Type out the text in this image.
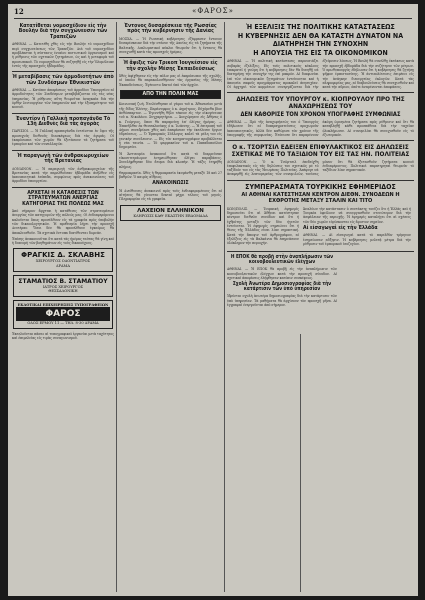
12	«ΦΑΡΟΣ»
Κατατίθεται νομοσχέδιον εἰς τὴν Βουλὴν διὰ τὴν συγχώνευσιν τῶν Τραπεζῶν
ΑΘΗΝΑΙ. — Κατετέθη χθὲς εἰς τὴν Βουλὴν τὸ νομοσχέδιον περὶ συγχωνεύσεως τῶν Τραπεζῶν. Διὰ τοῦ νομοσχεδίου προβλέπεται ἡ σύστασις ἑνιαίου πιστωτικοῦ ὀργανισμοῦ καὶ ἡ ρύθμισις τῶν σχετικῶν ζητημάτων, ὡς καὶ ἡ μεταφορὰ τοῦ προσωπικοῦ. Τὸ νομοσχέδιον θὰ συζητηθῇ εἰς τὴν Ὁλομέλειαν ἐντὸς τῆς προσεχοῦς ἑβδομάδος.
Ἡ μεταβίβασις τῶν ἀρμοδιοτήτων ἀπὸ τῶν Συνδέσμων Ἐθνικιστῶν
ΑΘΗΝΑΙ. — Κατόπιν ἀποφάσεως τοῦ ἁρμοδίου Ὑπουργείου αἱ ἁρμοδιότητες τῶν Συνδέσμων μεταβιβάζονται εἰς τὰς νέας ὑπηρεσίας. Ἡ ρύθμισις αὕτη θεωρεῖται ἀναγκαία διὰ τὴν ὀρθὴν λειτουργίαν τῶν ὑπηρεσιῶν καὶ τὴν ἐξυπηρέτησιν τοῦ κοινοῦ.
Ἐναντίον ἡ Γαλλικὴ προπαγάνδα Τὸ 13ὴ Διεθνὲς διὰ τὰς ἀγορὰς
ΠΑΡΙΣΙΟΙ. — Ἡ Γαλλικὴ προπαγάνδα ἐντείνεται ἐν ὄψει τῆς προσεχοῦς διεθνοῦς διασκέψεως διὰ τὰς ἀγοράς. Οἱ ἐκπρόσωποι τῶν χωρῶν θὰ ἐξετάσουν τὰ ζητήματα τοῦ ἐμπορίου καὶ τῶν συναλλαγῶν.
Ἡ παραγωγὴ τῶν ἀνθρακωρυχείων τῆς Βρετανίας
ΛΟΝΔΙΝΟΝ. — Ἡ παραγωγὴ τῶν ἀνθρακωρυχείων τῆς Βρετανίας κατὰ τὴν παρελθοῦσαν ἑβδομάδα ἀνῆλθεν εἰς ἱκανοποιητικὰ ἐπίπεδα, συμφώνως πρὸς ἀνακοινώσεις τοῦ ἁρμοδίου ὑπουργείου.
ΑΡΧΕΤΑΙ Η ΚΑΤΑΘΕΣΙΣ ΤΩΝ ΣΤΡΑΤΕΥΜΑΤΩΝ ΑΝΕΡΓΙΑΣ ΚΑΤΗΓΟΡΙΑΣ ΤΗΣ ΠΟΛΕΩΣ ΜΑΣ
Ἀπὸ σήμερον ἄρχεται ἡ κατάθεσις τῶν στρατευμάτων ἀνεργίας τῶν κατηγοριῶν τῆς πόλεώς μας. Οἱ ἐνδιαφερόμενοι καλοῦνται ὅπως προσέλθουν εἰς τὰ γραφεῖα πρὸς ὑποβολὴν τῶν δικαιολογητικῶν. Ἡ προθεσμία λήγει τὴν προσεχῆ Δευτέραν. Ὅσοι δὲν θὰ προσέλθουν ἐγκαίρως θὰ ἀποκλεισθοῦν. Τὰ σχετικὰ ἔντυπα διατίθενται δωρεάν.
Ἐπίσης ἀνακοινοῦται ὅτι κατὰ τὰς ἡμέρας ταύτας θὰ γίνῃ καὶ ἡ διανομὴ τῶν βοηθημάτων εἰς τοὺς δικαιούχους.
ΦΡΑΓΚΙΣ Δ. ΣΚΛΑΒΗΣ
ΧΕΙΡΟΥΡΓΟΣ ΟΔΟΝΤΙΑΤΡΟΣ
ΔΡΑΜΑ
ΣΤΑΜΑΤΙΟΣ Β. ΣΤΑΜΑΤΙΟΥ
ΙΑΤΡΟΣ ΧΕΙΡΟΥΡΓΟΣ
ΘΕΣΣΑΛΟΝΙΚΗ
ΕΚΔΟΤΙΚΑΙ ΕΠΙΧΕΙΡΗΣΕΙΣ ΤΥΠΟΓΡΑΦΕΙΩΝ
ΦΑΡΟΣ
ΟΔΟΣ ΕΡΜΟΥ 11 — ΤΗΛ. 8-30 ΔΡΑΜΑ
Ἐκτελοῦνται πᾶσαι αἱ τυπογραφικαὶ ἐργασίαι μετὰ ταχύτητος καὶ ἐπιμελείας εἰς τιμὰς συναγωνισμοῦ.
Ἐντονος δυσαρέσκεια τῆς Ρωσσίας πρὸς τὴν κυβέρνησιν τῆς Δανίας
ΜΟΣΧΑ. — Ἡ Ρωσσικὴ κυβέρνησις ἐξέφρασεν ἔντονον δυσαρέσκειαν διὰ τὴν στάσιν τῆς Δανίας εἰς τὰ ζητήματα τῆς Βαλτικῆς. Διπλωματικοὶ κύκλοι θεωροῦν ὅτι ἡ ἔντασις θὰ συνεχισθῇ κατὰ τὰς προσεχεῖς ἡμέρας.
Ἡ ἄφιξις τῶν Τρικοπ Ἰουγκέσιον εἰς τὴν σχολὴν Μέσης Ἐκπαιδεύσεως
Χθὲς ἀφίχθησαν εἰς τὴν πόλιν μας οἱ ἐκπρόσωποι τῆς σχολῆς, οἱ ὁποῖοι θὰ παρακολουθήσουν τὰς ἐργασίας τῆς Μέσης Ἐκπαιδεύσεως. Ἐγένοντο δεκτοὶ ὑπὸ τῶν ἀρχῶν.
ΑΠΟ ΤΗΝ ΠΟΛΙΝ ΜΑΣ
Κοινωνικὴ ζωή. Ἐτελέσθησαν οἱ γάμοι τοῦ κ. Ἀθανασίου μετὰ τῆς δίδος Ἑλένης. Παράνυμφος ὁ κ. Δημήτριος. Εὐχόμεθα βίον ἀνθόσπαρτον. — Ἐγεννήθη θῆλυ τέκνον εἰς τὴν οἰκογένειαν τοῦ κ. Νικολάου. Συγχαρητήρια. — Ἀνεχώρησεν εἰς Ἀθήνας ὁ κ. Γεώργιος, ὅπου θὰ παραμείνῃ ἐπ' ὀλίγας ἡμέρας. — Ἐπανῆλθεν ἐκ Θεσσαλονίκης ὁ κ. Ἰωάννης. — Ἡ ἐπιτροπὴ τοῦ Δήμου συνεδρίασε χθὲς καὶ ἀπεφάσισε τὴν ἐκτέλεσιν ἔργων ὑδρεύσεως. — Ὁ Ἐμπορικὸς Σύλλογος καλεῖ τὰ μέλη του εἰς γενικὴν συνέλευσιν. — Εἰς τὸν κινηματογράφον προβάλλεται ἡ νέα ταινία. — Τὸ φαρμακεῖον τοῦ κ. Παπαδοπούλου διημερεύει.
Ἡ Ἀστυνομία ἀνακοινοῖ ὅτι κατὰ τὸ διαρρεῦσαν εἰκοσιτετράωρον ἐσημειώθησαν ὀλίγαι παραβάσεις. Συνελήφθησαν δύο ἄτομα διὰ κλοπήν. Ἡ τάξις ἐτηρήθη πλήρως.
Θερμοκρασία. Χθὲς ἡ θερμοκρασία ἐκυμάνθη μεταξὺ 18 καὶ 27 βαθμῶν. Ὁ καιρὸς αἴθριος.
ΑΝΑΚΟΙΝΩΣΙΣ
Ἡ Διεύθυνσις ἀνακοινοῖ πρὸς τοὺς ἐνδιαφερομένους ὅτι αἱ αἰτήσεις θὰ γίνονται δεκταὶ μέχρι τέλους τοῦ μηνός. Πληροφορίαι εἰς τὰ γραφεῖα.
ΛΑΧΕΙΟΝ ΕΛΛΗΝΙΚΟΝ
ΚΛΗΡΩΣΙΣ ΚΑΘ' ΕΚΑΣΤΗΝ ΕΒΔΟΜΑΔΑ
Ἡ ΕΞΕΛΙΞΙΣ ΤΗΣ ΠΟΛΙΤΙΚΗΣ ΚΑΤΑΣΤΑΣΕΩΣ
Η ΚΥΒΕΡΝΗΣΙΣ ΔΕΝ ΘΑ ΚΑΤΑΣΤΗ ΔΥΝΑΤΟΝ ΝΑ ΔΙΑΤΗΡΗΣΗ ΤΗΝ ΣΥΝΟΧΗΝ
Η ΑΠΟΥΣΙΑ ΤΗΣ ΕΙΣ ΤΑ ΟΙΚΟΝΟΜΙΚΟΝ
ΑΘΗΝΑΙ. — Ἡ πολιτικὴ κατάστασις παρουσιάζει σοβαρὰς ἐξελίξεις. Εἰς τοὺς πολιτικοὺς κύκλους ἐπικρατεῖ ἡ γνώμη ὅτι ἡ κυβέρνησις δὲν θὰ δυνηθῇ νὰ διατηρήσῃ τὴν συνοχήν της ἐπὶ μακρόν. Αἱ διαφωνίαι ἐπὶ τῶν οἰκονομικῶν ζητημάτων ἐντείνονται καὶ ἡ ἀπουσία σαφοῦς προγράμματος προκαλεῖ ἀνησυχίαν. Οἱ ἀρχηγοὶ τῶν κομμάτων συνεργάζονται διὰ τὴν ἐξεύρεσιν λύσεως. Ἡ Βουλὴ θὰ συνέλθῃ ἐκτάκτως κατὰ τὴν προσεχῆ ἑβδομάδα διὰ τὴν συζήτησιν τῶν μέτρων. Ὁ πρωθυπουργὸς ἐδήλωσεν ὅτι ἡ κυβέρνησις θὰ ζητήσῃ ψῆφον ἐμπιστοσύνης. Ἡ ἀντιπολίτευσις ἐπιμένει εἰς τὴν ἀνάγκην διενεργείας ἐκλογῶν. Κατὰ τὰς πληροφορίας μας, αἱ διαβουλεύσεις θὰ συνεχισθοῦν καὶ κατὰ τὴν αὔριον, ὁπότε ἀναμένονται ἀποφάσεις.
ΔΗΛΩΣΕΙΣ ΤΟΥ ΥΠΟΥΡΓΟΥ κ. ΚΙΟΠΡΟΥΛΟΥ ΠΡΟ ΤΗΣ ΑΝΑΧΩΡΗΣΕΩΣ ΤΟΥ
ΔΕΝ ΚΑΘΟΡΙΣΕ ΤΟΝ ΧΡΟΝΟΝ ΥΠΟΓΡΑΦΗΣ ΣΥΜΦΩΝΙΑΣ
ΑΘΗΝΑΙ. — Πρὸ τῆς ἀναχωρήσεώς του ὁ Ὑπουργὸς ἐδήλωσεν ὅτι αἱ διαπραγματεύσεις προχωροῦν ἱκανοποιητικῶς, ἀλλὰ δὲν καθώρισε τὸν χρόνον τῆς ὑπογραφῆς τῆς συμφωνίας. Ἐτόνισεν ὅτι παραμένουν ἀκόμη ὡρισμένα ζητήματα πρὸς ρύθμισιν καὶ ὅτι θὰ καταβληθῇ κάθε προσπάθεια διὰ τὴν ταχεῖαν ὁλοκλήρωσιν. Αἱ συνομιλίαι θὰ συνεχισθοῦν εἰς τὸ ἐξωτερικόν.
Ο κ. ΤΣΟΡΤΣΙΛ ΕΔΕΙΞΕΝ ΕΠΙΦΥΛΑΚΤΙΚΟΣ ΕΙΣ ΔΗΛΩΣΕΙΣ ΣΧΕΤΙΚΑΣ ΜΕ ΤΟ ΤΑΞΙΔΙΟΝ ΤΟΥ ΕΙΣ ΤΑΣ ΗΝ. ΠΟΛΙΤΕΙΑΣ
ΛΟΝΔΙΝΟΝ. — Ὁ κ. Τσῶρτσιλ ἐπεδείχθη ἐπιφυλακτικὸς εἰς τὰς δηλώσεις του σχετικῶς μὲ τὸ ταξίδιόν του εἰς τὰς Ἡνωμένας Πολιτείας. Ἀπέφυγε νὰ ἀναφερθῇ εἰς λεπτομερείας τῶν συνομιλιῶν, τονίσας μόνον ὅτι θὰ ἐξετασθοῦν ζητήματα κοινοῦ ἐνδιαφέροντος. Πολιτικοὶ παρατηρηταὶ θεωροῦν τὸ ταξίδιον λίαν σημαντικόν.
ΣΥΜΠΕΡΑΣΜΑΤΑ ΤΟΥΡΚΙΚΗΣ ΕΦΗΜΕΡΙΔΟΣ
ΑΙ ΑΘΗΝΑΙ ΚΑΤΕΣΤΗΣΑΝ ΚΕΝΤΡΟΝ ΔΙΕΘΝ. ΣΥΝΟΔΕΩΝ Η ΕΧΘΡΟΤΗΣ ΜΕΤΑΞΥ ΣΤΑΛΙΝ ΚΑΙ ΤΙΤΟ
ΚΩΝ/ΠΟΛΙΣ. — Τουρκικὴ ἐφημερὶς δημοσιεύει ὅτι αἱ Ἀθῆναι κατέστησαν κέντρον διεθνῶν συνόδων καὶ ὅτι ἡ ἐχθρότης μεταξὺ τῶν δύο ἡγετῶν ἐντείνεται. Ἡ ἐφημερὶς σημειώνει ὅτι ἡ θέσις τῆς Ἑλλάδος εἶναι λίαν σημαντική. Κατὰ τὴν ἄποψιν τοῦ ἀρθρογράφου, αἱ ἐξελίξεις εἰς τὰ Βαλκάνια θὰ ἐπηρεάσουν ὁλόκληρον τὴν περιοχήν.
Ἀναλύων τὴν κατάστασιν ὁ συντάκτης τονίζει ὅτι ἡ Ἑλλὰς καὶ ἡ Τουρκία ὀφείλουν νὰ συνεργασθοῦν στενώτερον διὰ τὴν ἀσφάλειαν τῆς περιοχῆς. Ἡ ἐφημερὶς καταλήγει ὅτι αἱ σχέσεις τῶν δύο χωρῶν εὑρίσκονται εἰς ἄριστον σημεῖον.
Αἱ εἰσαγωγαὶ εἰς τὴν Ἑλλάδα
ΑΘΗΝΑΙ. — Αἱ εἰσαγωγαὶ κατὰ τὸ παρελθὸν τρίμηνον ἐσημείωσαν αὔξησιν. Ἡ κυβέρνησις μελετᾷ μέτρα διὰ τὴν ρύθμισιν τοῦ ἐμπορικοῦ ἰσοζυγίου.
Η ΕΠΟΚ θὰ προβῇ στὴν ἀναπλήρωσιν τῶν κοινοβουλευτικῶν ἐλέγχων
ΑΘΗΝΑΙ. — Ἡ ΕΠΟΚ θὰ προβῇ εἰς τὴν ἀναπλήρωσιν τῶν κοινοβουλευτικῶν ἐλέγχων κατὰ τὴν προσεχῆ σύνοδον. Αἱ σχετικαὶ ἀποφάσεις ἐλήφθησαν κατόπιν συσκέψεως.
Σχολὴ Ἀνωτέρα Δημοσιογραφίας διὰ τὴν κατάρτισιν τῶν ὑπὸ ὑπηρεσίαν
Ἱδρύεται σχολὴ ἀνωτέρα δημοσιογραφίας διὰ τὴν κατάρτισιν τῶν ὑπὸ ὑπηρεσίαν. Τὰ μαθήματα θὰ ἀρχίσουν τὸν προσεχῆ μῆνα. Αἱ ἐγγραφαὶ ἐνεργοῦνται ἀπὸ σήμερον.
